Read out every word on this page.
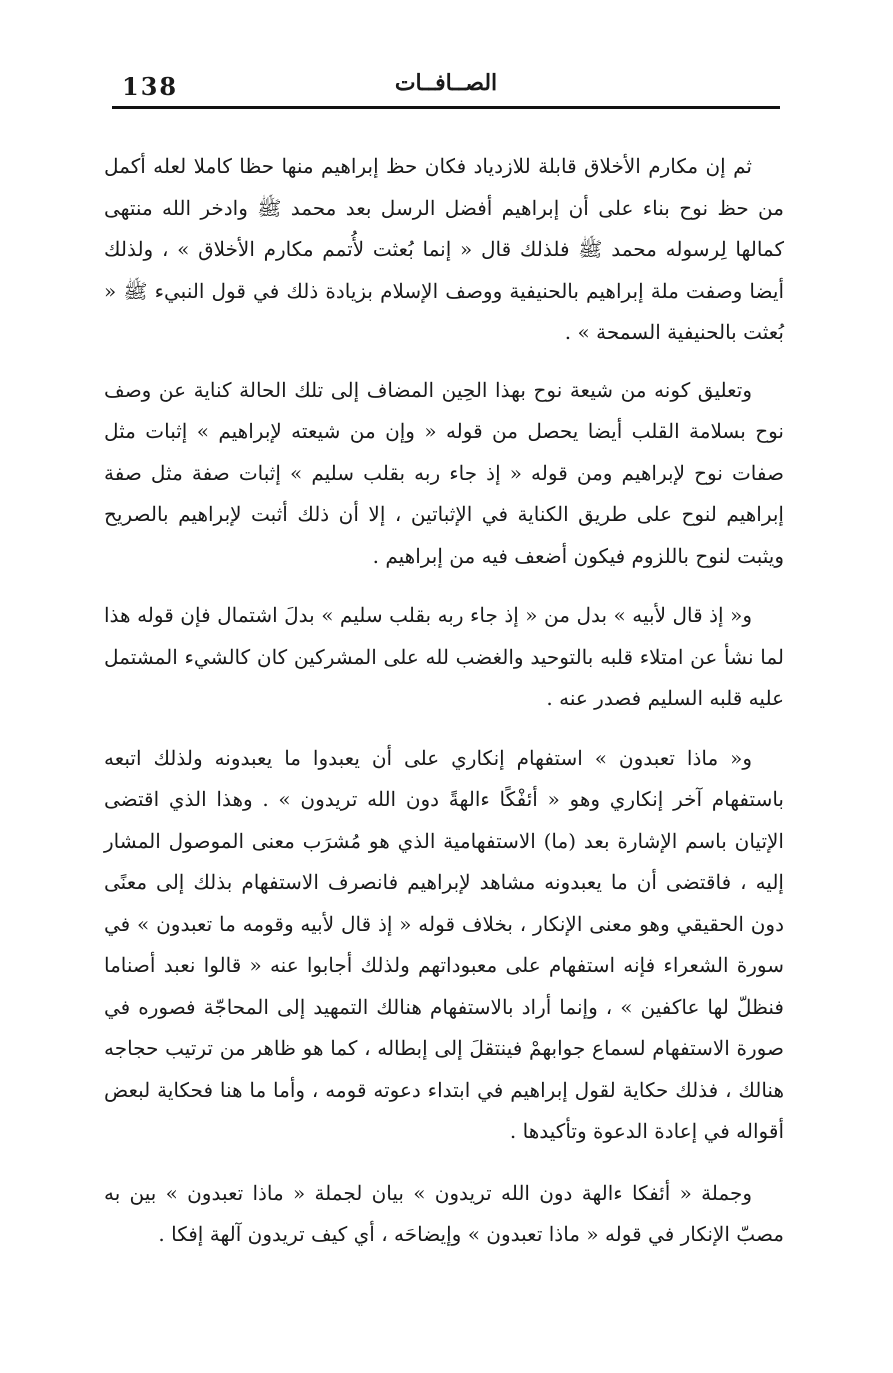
138	الصــافــات

ثم إن مكارم الأخلاق قابلة للازدياد فكان حظ إبراهيم منها حظا كاملا لعله أكمل من حظ نوح بناء على أن إبراهيم أفضل الرسل بعد محمد ﷺ وادخر الله منتهى كمالها لِرسوله محمد ﷺ فلذلك قال « إنما بُعثت لأُتمم مكارم الأخلاق » ، ولذلك أيضا وصفت ملة إبراهيم بالحنيفية ووصف الإسلام بزيادة ذلك في قول النبيء ﷺ « بُعثت بالحنيفية السمحة » .

وتعليق كونه من شيعة نوح بهذا الحِين المضاف إلى تلك الحالة كناية عن وصف نوح بسلامة القلب أيضا يحصل من قوله « وإن من شيعته لإبراهيم » إثبات مثل صفات نوح لإبراهيم ومن قوله « إذ جاء ربه بقلب سليم » إثبات صفة مثل صفة إبراهيم لنوح على طريق الكناية في الإثباتين ، إلا أن ذلك أثبت لإبراهيم بالصريح ويثبت لنوح باللزوم فيكون أضعف فيه من إبراهيم .

و« إذ قال لأبيه » بدل من « إذ جاء ربه بقلب سليم » بدلَ اشتمال فإن قوله هذا لما نشأ عن امتلاء قلبه بالتوحيد والغضب لله على المشركين كان كالشيء المشتمل عليه قلبه السليم فصدر عنه .

و« ماذا تعبدون » استفهام إنكاري على أن يعبدوا ما يعبدونه ولذلك اتبعه باستفهام آخر إنكاري وهو « أئفْكًا ءالهةً دون الله تريدون » . وهذا الذي اقتضى الإتيان باسم الإشارة بعد (ما) الاستفهامية الذي هو مُشرَب معنى الموصول المشار إليه ، فاقتضى أن ما يعبدونه مشاهد لإبراهيم فانصرف الاستفهام بذلك إلى معنًى دون الحقيقي وهو معنى الإنكار ، بخلاف قوله « إذ قال لأبيه وقومه ما تعبدون » في سورة الشعراء فإنه استفهام على معبوداتهم ولذلك أجابوا عنه « قالوا نعبد أصناما فنظلّ لها عاكفين » ، وإنما أراد بالاستفهام هنالك التمهيد إلى المحاجّة فصوره في صورة الاستفهام لسماع جوابهمْ فينتقلَ إلى إبطاله ، كما هو ظاهر من ترتيب حجاجه هنالك ، فذلك حكاية لقول إبراهيم في ابتداء دعوته قومه ، وأما ما هنا فحكاية لبعض أقواله في إعادة الدعوة وتأكيدها .

وجملة « أئفكا ءالهة دون الله تريدون » بيان لجملة « ماذا تعبدون » بين به مصبّ الإنكار في قوله « ماذا تعبدون » وإيضاحَه ، أي كيف تريدون آلهة إفكا .
